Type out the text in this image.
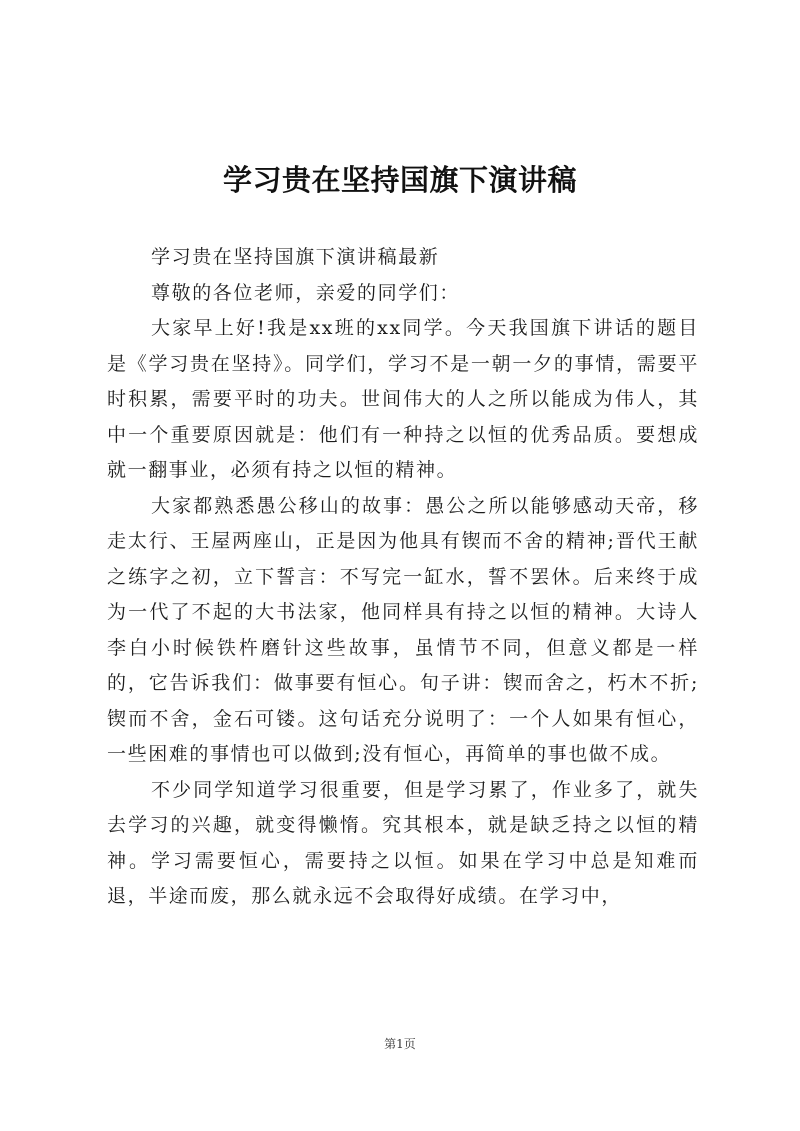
学习贵在坚持国旗下演讲稿

学习贵在坚持国旗下演讲稿最新

尊敬的各位老师，亲爱的同学们：

大家早上好!我是xx班的xx同学。今天我国旗下讲话的题目是《学习贵在坚持》。同学们，学习不是一朝一夕的事情，需要平时积累，需要平时的功夫。世间伟大的人之所以能成为伟人，其中一个重要原因就是：他们有一种持之以恒的优秀品质。要想成就一翻事业，必须有持之以恒的精神。

大家都熟悉愚公移山的故事：愚公之所以能够感动天帝，移走太行、王屋两座山，正是因为他具有锲而不舍的精神;晋代王献之练字之初，立下誓言：不写完一缸水，誓不罢休。后来终于成为一代了不起的大书法家，他同样具有持之以恒的精神。大诗人李白小时候铁杵磨针这些故事，虽情节不同，但意义都是一样的，它告诉我们：做事要有恒心。旬子讲：锲而舍之，朽木不折;锲而不舍，金石可镂。这句话充分说明了：一个人如果有恒心，一些困难的事情也可以做到;没有恒心，再简单的事也做不成。

不少同学知道学习很重要，但是学习累了，作业多了，就失去学习的兴趣，就变得懒惰。究其根本，就是缺乏持之以恒的精神。学习需要恒心，需要持之以恒。如果在学习中总是知难而退，半途而废，那么就永远不会取得好成绩。在学习中，

第1页
